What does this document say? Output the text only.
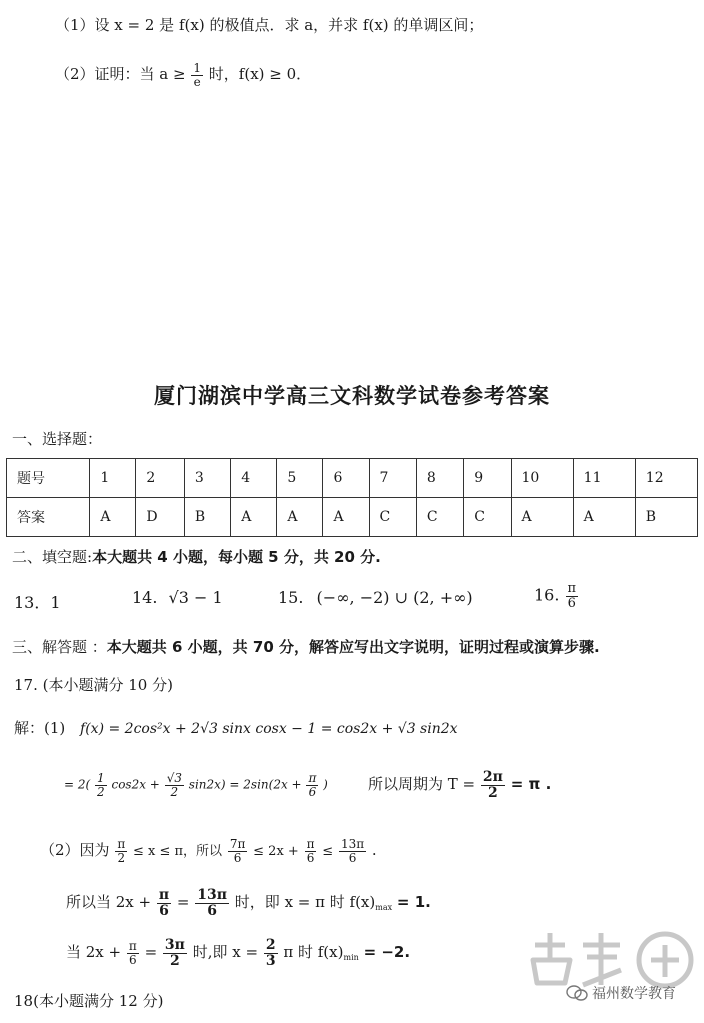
（1）设 x = 2 是 f(x) 的极值点．求 a，并求 f(x) 的单调区间；
（2）证明：当 $a \ge \frac{1}{e}$ 时，f(x) ≥ 0．
厦门湖滨中学高三文科数学试卷参考答案
一、选择题：
题号	1	2	3	4	5	6	7	8	9	10	11	12
答案	A	D	B	A	A	A	C	C	C	A	A	B
二、填空题:本大题共 4 小题，每小题 5 分，共 20 分.
13．1	14. √3 − 1	15. (−∞, −2) ∪ (2, +∞)	16. $\frac{\pi}{6}$
三、解答题 ：本大题共 6 小题，共 70 分，解答应写出文字说明，证明过程或演算步骤.
17. (本小题满分 10 分)
解：(1) f(x) = 2cos²x + 2√3 sinx cosx − 1 = cos2x + √3 sin2x
= $2( \frac{1}{2} \cos 2x + \frac{√3}{2} \sin 2x) = 2\sin(2x + \frac{\pi}{6}$ )	所以周期为 $T = \frac{2\pi}{2} = \pi$ .
（2）因为 $\frac{\pi}{2} \le x \le \pi$，所以 $\frac{7\pi}{6} \le 2x + \frac{\pi}{6} \le \frac{13\pi}{6}$ .
所以当 $2x + \frac{\pi}{6} = \frac{13\pi}{6}$ 时，即 x = π 时 $f(x)_{max} = 1$.
当 $2x + \frac{\pi}{6} = \frac{3\pi}{2}$ 时,即 $x = \frac{2}{3}$ π 时 $f(x)_{min} = -2$.
18(本小题满分 12 分)	福州数学教育
